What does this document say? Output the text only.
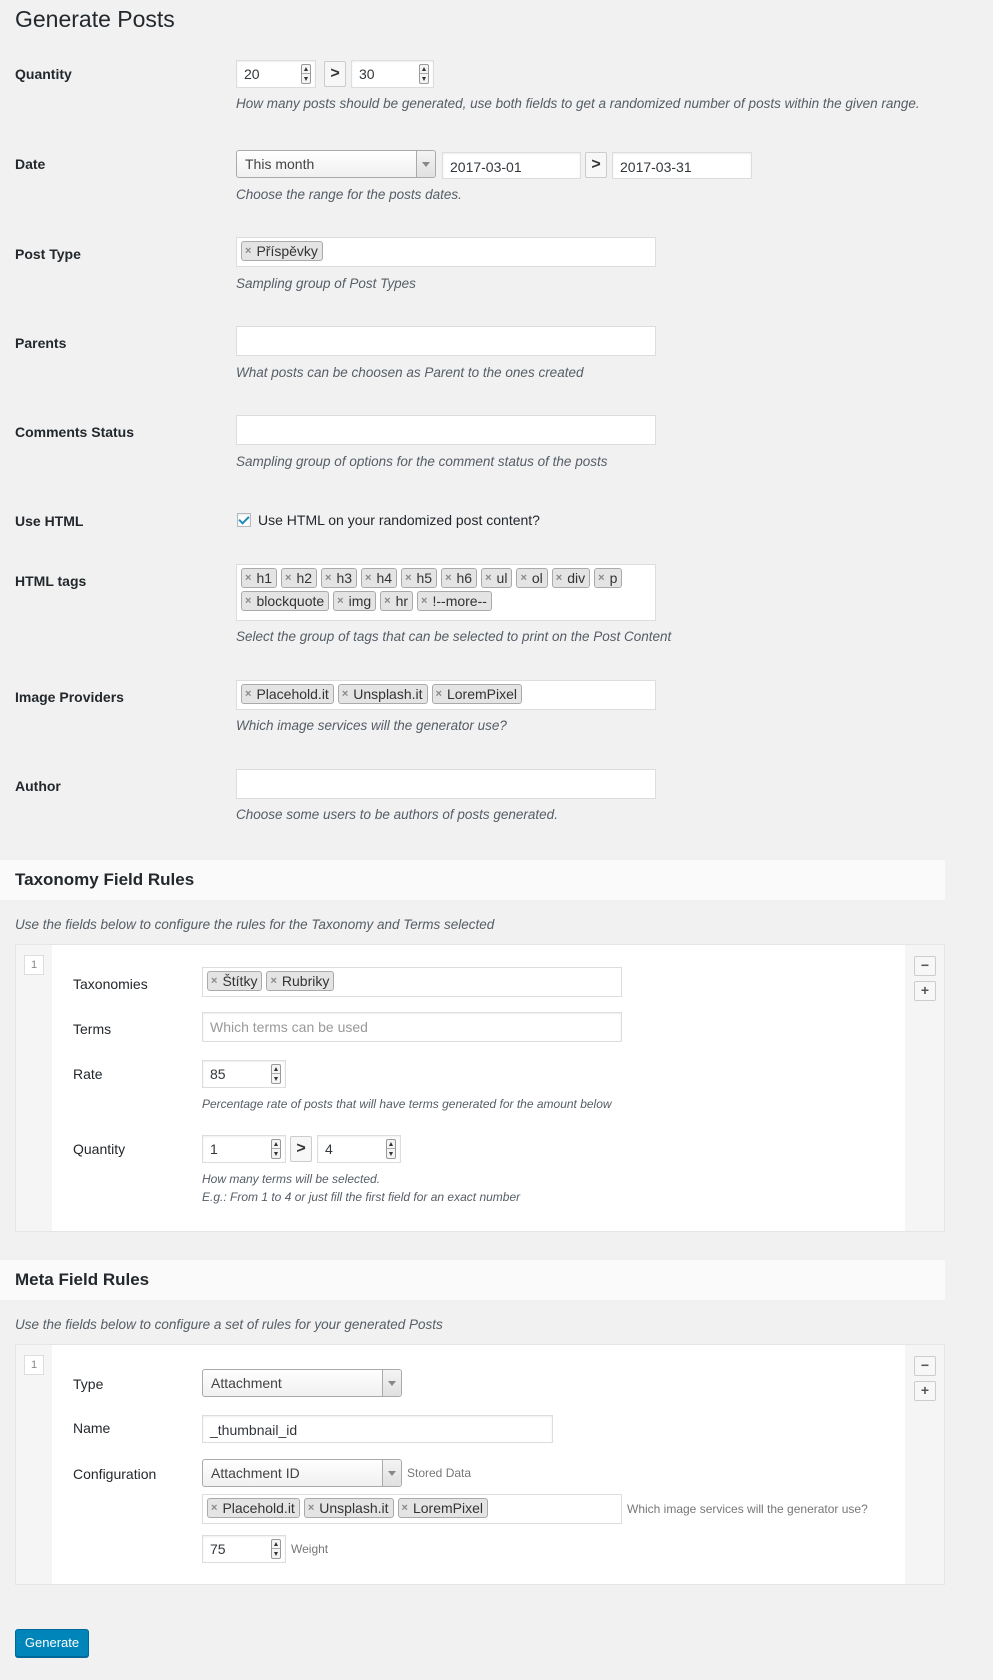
Generate Posts
Quantity	20	>	30
How many posts should be generated, use both fields to get a randomized number of posts within the given range.
Date	This month	2017-03-01	>	2017-03-31
Choose the range for the posts dates.
Post Type	× Příspěvky
Sampling group of Post Types
Parents
What posts can be choosen as Parent to the ones created
Comments Status
Sampling group of options for the comment status of the posts
Use HTML	Use HTML on your randomized post content?
HTML tags	× h1 × h2 × h3 × h4 × h5 × h6 × ul × ol × div × p
× blockquote × img × hr × !--more--
Select the group of tags that can be selected to print on the Post Content
Image Providers	× Placehold.it × Unsplash.it × LoremPixel
Which image services will the generator use?
Author
Choose some users to be authors of posts generated.
Taxonomy Field Rules
Use the fields below to configure the rules for the Taxonomy and Terms selected
1
Taxonomies	× Štítky × Rubriky
Terms	Which terms can be used
Rate	85
Percentage rate of posts that will have terms generated for the amount below
Quantity	1	>	4
How many terms will be selected.
E.g.: From 1 to 4 or just fill the first field for an exact number
−
+
Meta Field Rules
Use the fields below to configure a set of rules for your generated Posts
1
Type	Attachment
Name	_thumbnail_id
Configuration	Attachment ID	Stored Data
× Placehold.it × Unsplash.it × LoremPixel	Which image services will the generator use?
75	Weight
−
+
Generate
